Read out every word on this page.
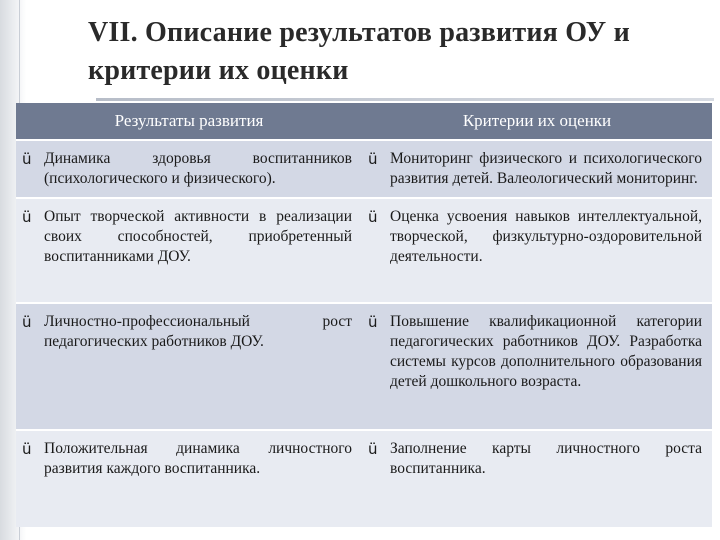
VII. Описание результатов развития ОУ и критерии их оценки
Результаты развития	Критерии их оценки

ü Динамика здоровья воспитанников (психологического и физического).	ü Мониторинг физического и психологического развития детей. Валеологический мониторинг.

ü Опыт творческой активности в реализации своих способностей, приобретенный воспитанниками ДОУ.	ü Оценка усвоения навыков интеллектуальной, творческой, физкультурно-оздоровительной деятельности.

ü Личностно-профессиональный рост педагогических работников ДОУ.	ü Повышение квалификационной категории педагогических работников ДОУ. Разработка системы курсов дополнительного образования детей дошкольного возраста.

ü Положительная динамика личностного развития каждого воспитанника.	ü Заполнение карты личностного роста воспитанника.
